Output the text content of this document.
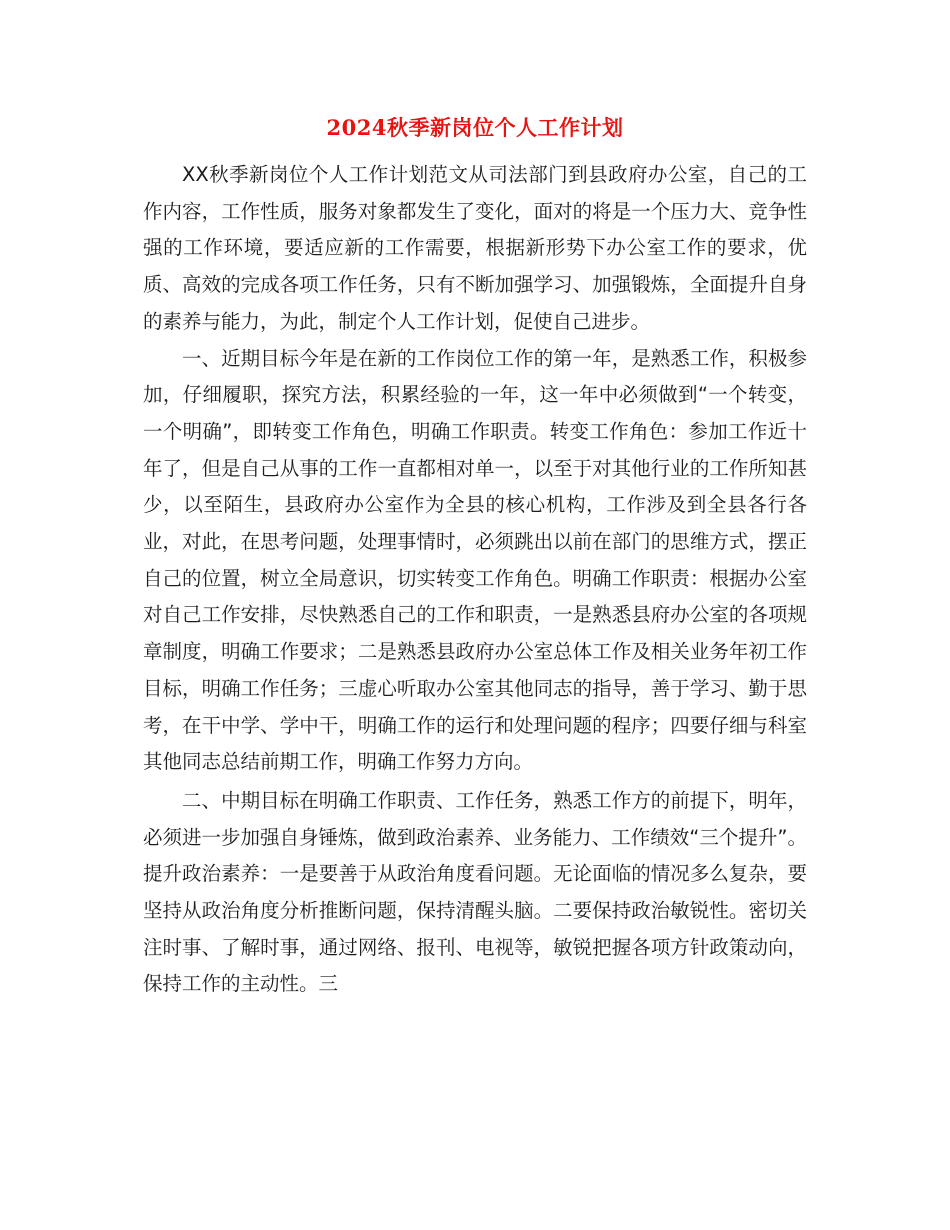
2024秋季新岗位个人工作计划

XX秋季新岗位个人工作计划范文从司法部门到县政府办公室，自己的工作内容，工作性质，服务对象都发生了变化，面对的将是一个压力大、竞争性强的工作环境，要适应新的工作需要，根据新形势下办公室工作的要求，优质、高效的完成各项工作任务，只有不断加强学习、加强锻炼，全面提升自身的素养与能力，为此，制定个人工作计划，促使自己进步。

一、近期目标今年是在新的工作岗位工作的第一年，是熟悉工作，积极参加，仔细履职，探究方法，积累经验的一年，这一年中必须做到“一个转变，一个明确”，即转变工作角色，明确工作职责。转变工作角色：参加工作近十年了，但是自己从事的工作一直都相对单一，以至于对其他行业的工作所知甚少，以至陌生，县政府办公室作为全县的核心机构，工作涉及到全县各行各业，对此，在思考问题，处理事情时，必须跳出以前在部门的思维方式，摆正自己的位置，树立全局意识，切实转变工作角色。明确工作职责：根据办公室对自己工作安排，尽快熟悉自己的工作和职责，一是熟悉县府办公室的各项规章制度，明确工作要求；二是熟悉县政府办公室总体工作及相关业务年初工作目标，明确工作任务；三虚心听取办公室其他同志的指导，善于学习、勤于思考，在干中学、学中干，明确工作的运行和处理问题的程序；四要仔细与科室其他同志总结前期工作，明确工作努力方向。

二、中期目标在明确工作职责、工作任务，熟悉工作方的前提下，明年，必须进一步加强自身锤炼，做到政治素养、业务能力、工作绩效“三个提升”。提升政治素养：一是要善于从政治角度看问题。无论面临的情况多么复杂，要坚持从政治角度分析推断问题，保持清醒头脑。二要保持政治敏锐性。密切关注时事、了解时事，通过网络、报刊、电视等，敏锐把握各项方针政策动向，保持工作的主动性。三
